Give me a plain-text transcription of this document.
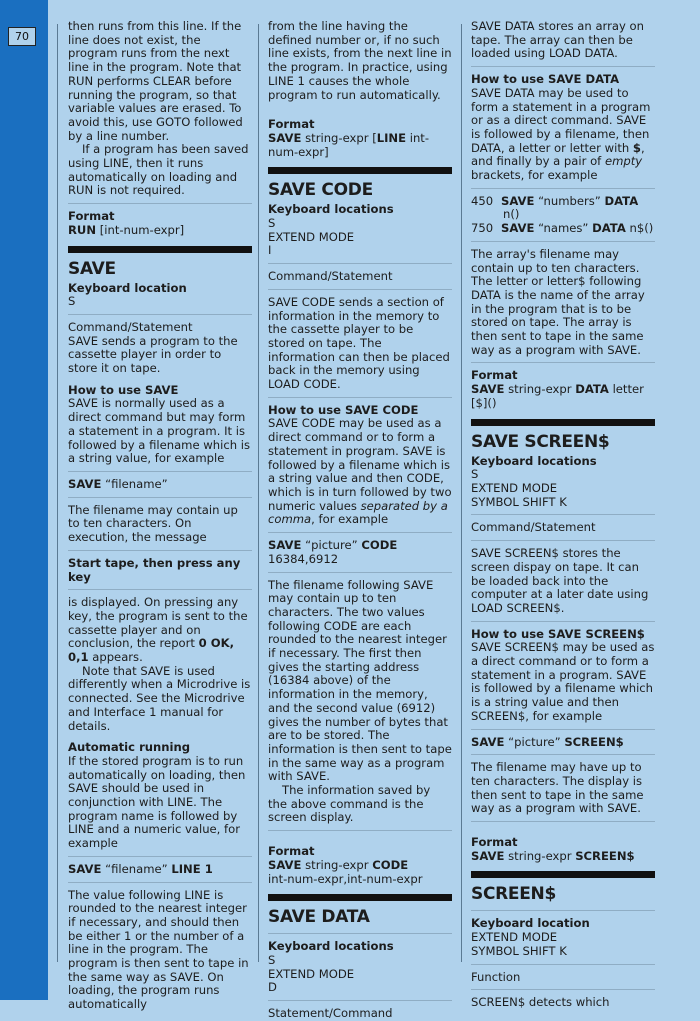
70

then runs from this line. If the line does not exist, the program runs from the next line in the program. Note that RUN performs CLEAR before running the program, so that variable values are erased. To avoid this, use GOTO followed by a line number.

If a program has been saved using LINE, then it runs automatically on loading and RUN is not required.

Format

RUN [int-num-expr]

SAVE

Keyboard location

S

Command/Statement

SAVE sends a program to the cassette player in order to store it on tape.

How to use SAVE

SAVE is normally used as a direct command but may form a statement in a program. It is followed by a filename which is a string value, for example

SAVE “filename”

The filename may contain up to ten characters. On execution, the message

Start tape, then press any key

is displayed. On pressing any key, the program is sent to the cassette player and on conclusion, the report 0 OK, 0,1 appears.

Note that SAVE is used differently when a Microdrive is connected. See the Microdrive and Interface 1 manual for details.

Automatic running

If the stored program is to run automatically on loading, then SAVE should be used in conjunction with LINE. The program name is followed by LINE and a numeric value, for example

SAVE “filename” LINE 1

The value following LINE is rounded to the nearest integer if necessary, and should then be either 1 or the number of a line in the program. The program is then sent to tape in the same way as SAVE. On loading, the program runs automatically

from the line having the defined number or, if no such line exists, from the next line in the program. In practice, using LINE 1 causes the whole program to run automatically.

Format

SAVE string-expr [LINE int-num-expr]

SAVE CODE

Keyboard locations

S

EXTEND MODE

I

Command/Statement

SAVE CODE sends a section of information in the memory to the cassette player to be stored on tape. The information can then be placed back in the memory using LOAD CODE.

How to use SAVE CODE

SAVE CODE may be used as a direct command or to form a statement in program. SAVE is followed by a filename which is a string value and then CODE, which is in turn followed by two numeric values separated by a comma, for example

SAVE “picture” CODE

16384,6912

The filename following SAVE may contain up to ten characters. The two values following CODE are each rounded to the nearest integer if necessary. The first then gives the starting address (16384 above) of the information in the memory, and the second value (6912) gives the number of bytes that are to be stored. The information is then sent to tape in the same way as a program with SAVE.

The information saved by the above command is the screen display.

Format

SAVE string-expr CODE

int-num-expr,int-num-expr

SAVE DATA

Keyboard locations

S

EXTEND MODE

D

Statement/Command

SAVE DATA stores an array on tape. The array can then be loaded using LOAD DATA.

How to use SAVE DATA

SAVE DATA may be used to form a statement in a program or as a direct command. SAVE is followed by a filename, then DATA, a letter or letter with $, and finally by a pair of empty brackets, for example

450 SAVE “numbers” DATA

n()

750 SAVE “names” DATA n$()

The array's filename may contain up to ten characters. The letter or letter$ following DATA is the name of the array in the program that is to be stored on tape. The array is then sent to tape in the same way as a program with SAVE.

Format

SAVE string-expr DATA letter

[$]()

SAVE SCREEN$

Keyboard locations

S

EXTEND MODE

SYMBOL SHIFT K

Command/Statement

SAVE SCREEN$ stores the screen dispay on tape. It can be loaded back into the computer at a later date using LOAD SCREEN$.

How to use SAVE SCREEN$

SAVE SCREEN$ may be used as a direct command or to form a statement in a program. SAVE is followed by a filename which is a string value and then SCREEN$, for example

SAVE “picture” SCREEN$

The filename may have up to ten characters. The display is then sent to tape in the same way as a program with SAVE.

Format

SAVE string-expr SCREEN$

SCREEN$

Keyboard location

EXTEND MODE

SYMBOL SHIFT K

Function

SCREEN$ detects which
